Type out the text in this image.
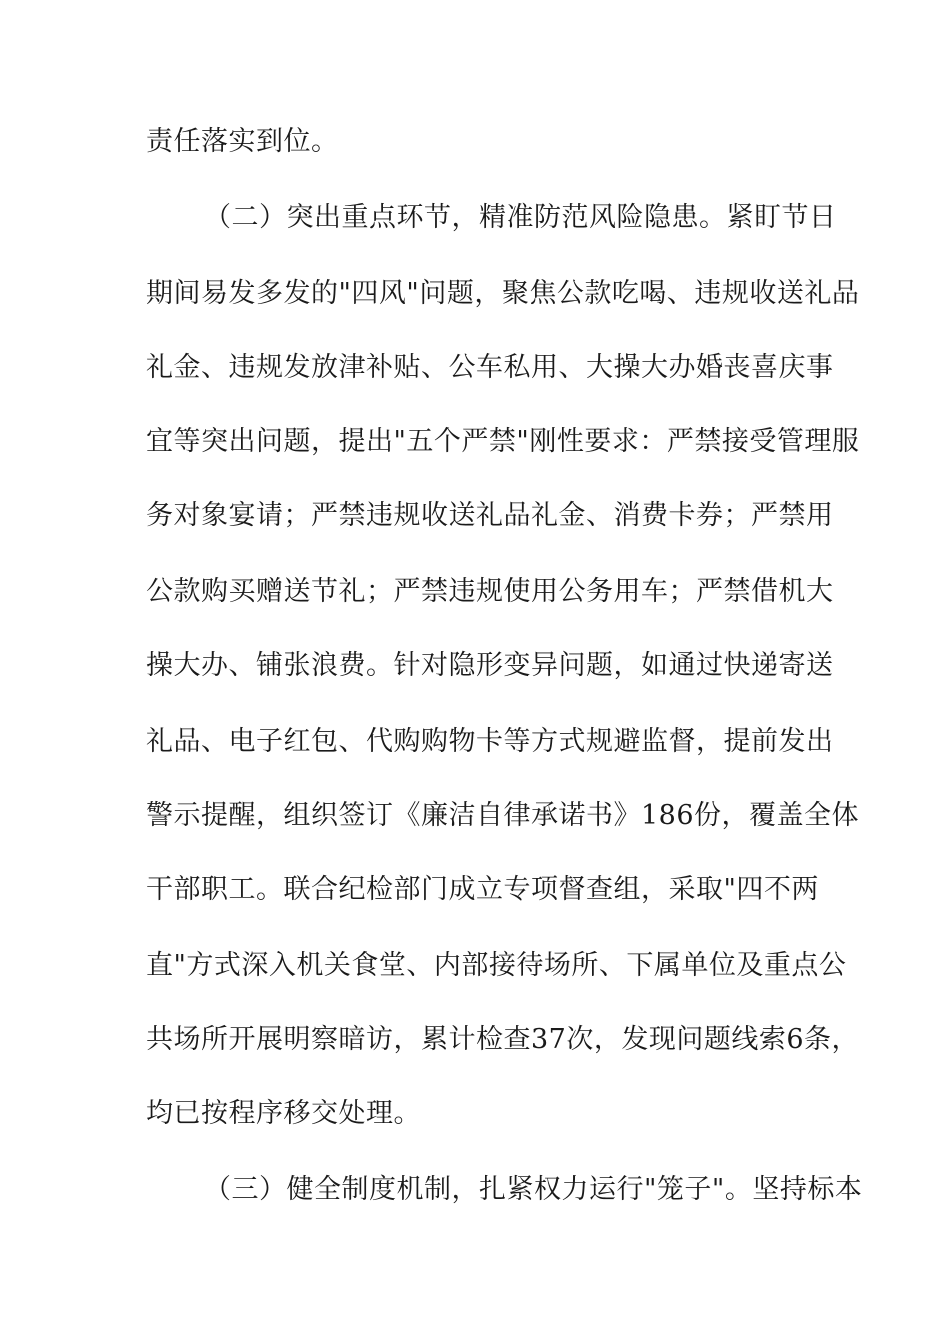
责任落实到位。
（二）突出重点环节，精准防范风险隐患。紧盯节日
期间易发多发的"四风"问题，聚焦公款吃喝、违规收送礼品
礼金、违规发放津补贴、公车私用、大操大办婚丧喜庆事
宜等突出问题，提出"五个严禁"刚性要求：严禁接受管理服
务对象宴请；严禁违规收送礼品礼金、消费卡券；严禁用
公款购买赠送节礼；严禁违规使用公务用车；严禁借机大
操大办、铺张浪费。针对隐形变异问题，如通过快递寄送
礼品、电子红包、代购购物卡等方式规避监督，提前发出
警示提醒，组织签订《廉洁自律承诺书》186份，覆盖全体
干部职工。联合纪检部门成立专项督查组，采取"四不两
直"方式深入机关食堂、内部接待场所、下属单位及重点公
共场所开展明察暗访，累计检查37次，发现问题线索6条，
均已按程序移交处理。
（三）健全制度机制，扎紧权力运行"笼子"。坚持标本
